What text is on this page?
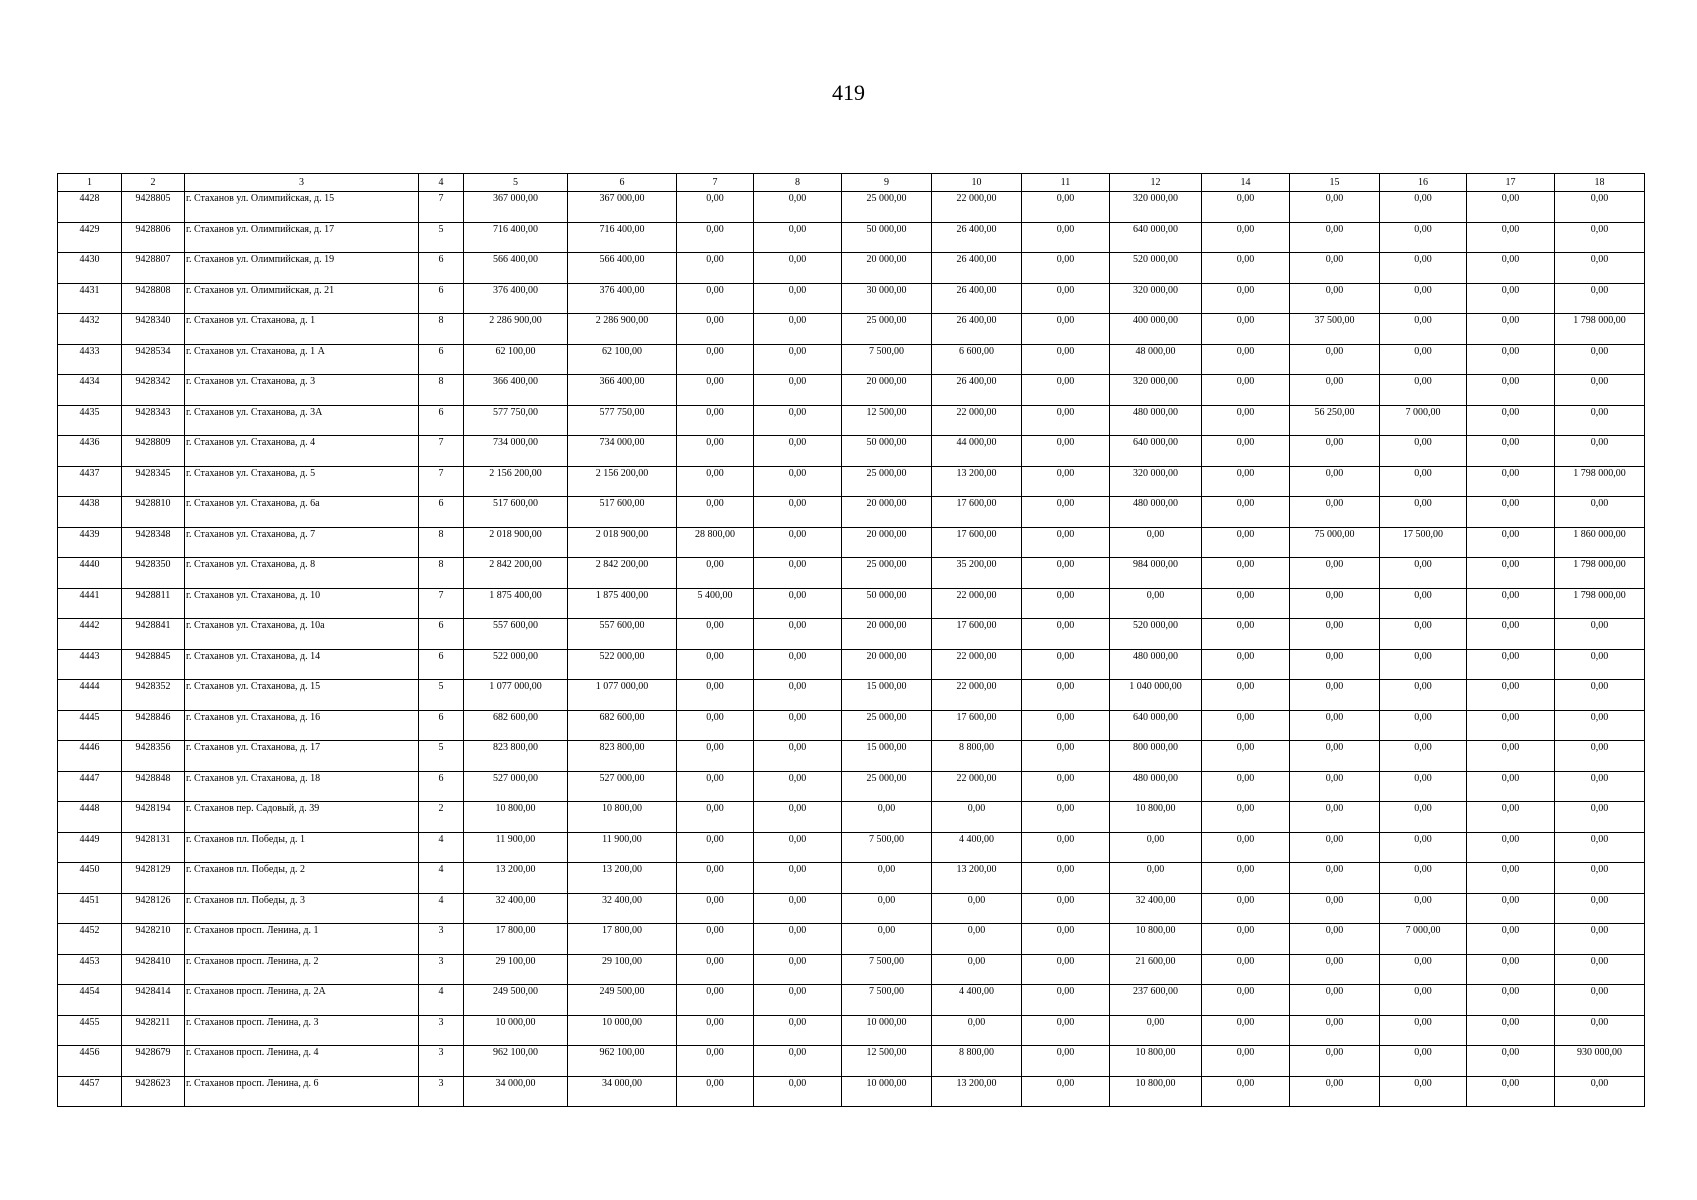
419
1	2	3	4	5	6	7	8	9	10	11	12	14	15	16	17	18
4428	9428805	г. Стаханов ул. Олимпийская, д. 15	7	367 000,00	367 000,00	0,00	0,00	25 000,00	22 000,00	0,00	320 000,00	0,00	0,00	0,00	0,00	0,00
4429	9428806	г. Стаханов ул. Олимпийская, д. 17	5	716 400,00	716 400,00	0,00	0,00	50 000,00	26 400,00	0,00	640 000,00	0,00	0,00	0,00	0,00	0,00
4430	9428807	г. Стаханов ул. Олимпийская, д. 19	6	566 400,00	566 400,00	0,00	0,00	20 000,00	26 400,00	0,00	520 000,00	0,00	0,00	0,00	0,00	0,00
4431	9428808	г. Стаханов ул. Олимпийская, д. 21	6	376 400,00	376 400,00	0,00	0,00	30 000,00	26 400,00	0,00	320 000,00	0,00	0,00	0,00	0,00	0,00
4432	9428340	г. Стаханов ул. Стаханова, д. 1	8	2 286 900,00	2 286 900,00	0,00	0,00	25 000,00	26 400,00	0,00	400 000,00	0,00	37 500,00	0,00	0,00	1 798 000,00
4433	9428534	г. Стаханов ул. Стаханова, д. 1 А	6	62 100,00	62 100,00	0,00	0,00	7 500,00	6 600,00	0,00	48 000,00	0,00	0,00	0,00	0,00	0,00
4434	9428342	г. Стаханов ул. Стаханова, д. 3	8	366 400,00	366 400,00	0,00	0,00	20 000,00	26 400,00	0,00	320 000,00	0,00	0,00	0,00	0,00	0,00
4435	9428343	г. Стаханов ул. Стаханова, д. 3А	6	577 750,00	577 750,00	0,00	0,00	12 500,00	22 000,00	0,00	480 000,00	0,00	56 250,00	7 000,00	0,00	0,00
4436	9428809	г. Стаханов ул. Стаханова, д. 4	7	734 000,00	734 000,00	0,00	0,00	50 000,00	44 000,00	0,00	640 000,00	0,00	0,00	0,00	0,00	0,00
4437	9428345	г. Стаханов ул. Стаханова, д. 5	7	2 156 200,00	2 156 200,00	0,00	0,00	25 000,00	13 200,00	0,00	320 000,00	0,00	0,00	0,00	0,00	1 798 000,00
4438	9428810	г. Стаханов ул. Стаханова, д. 6а	6	517 600,00	517 600,00	0,00	0,00	20 000,00	17 600,00	0,00	480 000,00	0,00	0,00	0,00	0,00	0,00
4439	9428348	г. Стаханов ул. Стаханова, д. 7	8	2 018 900,00	2 018 900,00	28 800,00	0,00	20 000,00	17 600,00	0,00	0,00	0,00	75 000,00	17 500,00	0,00	1 860 000,00
4440	9428350	г. Стаханов ул. Стаханова, д. 8	8	2 842 200,00	2 842 200,00	0,00	0,00	25 000,00	35 200,00	0,00	984 000,00	0,00	0,00	0,00	0,00	1 798 000,00
4441	9428811	г. Стаханов ул. Стаханова, д. 10	7	1 875 400,00	1 875 400,00	5 400,00	0,00	50 000,00	22 000,00	0,00	0,00	0,00	0,00	0,00	0,00	1 798 000,00
4442	9428841	г. Стаханов ул. Стаханова, д. 10а	6	557 600,00	557 600,00	0,00	0,00	20 000,00	17 600,00	0,00	520 000,00	0,00	0,00	0,00	0,00	0,00
4443	9428845	г. Стаханов ул. Стаханова, д. 14	6	522 000,00	522 000,00	0,00	0,00	20 000,00	22 000,00	0,00	480 000,00	0,00	0,00	0,00	0,00	0,00
4444	9428352	г. Стаханов ул. Стаханова, д. 15	5	1 077 000,00	1 077 000,00	0,00	0,00	15 000,00	22 000,00	0,00	1 040 000,00	0,00	0,00	0,00	0,00	0,00
4445	9428846	г. Стаханов ул. Стаханова, д. 16	6	682 600,00	682 600,00	0,00	0,00	25 000,00	17 600,00	0,00	640 000,00	0,00	0,00	0,00	0,00	0,00
4446	9428356	г. Стаханов ул. Стаханова, д. 17	5	823 800,00	823 800,00	0,00	0,00	15 000,00	8 800,00	0,00	800 000,00	0,00	0,00	0,00	0,00	0,00
4447	9428848	г. Стаханов ул. Стаханова, д. 18	6	527 000,00	527 000,00	0,00	0,00	25 000,00	22 000,00	0,00	480 000,00	0,00	0,00	0,00	0,00	0,00
4448	9428194	г. Стаханов пер. Садовый, д. 39	2	10 800,00	10 800,00	0,00	0,00	0,00	0,00	0,00	10 800,00	0,00	0,00	0,00	0,00	0,00
4449	9428131	г. Стаханов пл. Победы, д. 1	4	11 900,00	11 900,00	0,00	0,00	7 500,00	4 400,00	0,00	0,00	0,00	0,00	0,00	0,00	0,00
4450	9428129	г. Стаханов пл. Победы, д. 2	4	13 200,00	13 200,00	0,00	0,00	0,00	13 200,00	0,00	0,00	0,00	0,00	0,00	0,00	0,00
4451	9428126	г. Стаханов пл. Победы, д. 3	4	32 400,00	32 400,00	0,00	0,00	0,00	0,00	0,00	32 400,00	0,00	0,00	0,00	0,00	0,00
4452	9428210	г. Стаханов просп. Ленина, д. 1	3	17 800,00	17 800,00	0,00	0,00	0,00	0,00	0,00	10 800,00	0,00	0,00	7 000,00	0,00	0,00
4453	9428410	г. Стаханов просп. Ленина, д. 2	3	29 100,00	29 100,00	0,00	0,00	7 500,00	0,00	0,00	21 600,00	0,00	0,00	0,00	0,00	0,00
4454	9428414	г. Стаханов просп. Ленина, д. 2А	4	249 500,00	249 500,00	0,00	0,00	7 500,00	4 400,00	0,00	237 600,00	0,00	0,00	0,00	0,00	0,00
4455	9428211	г. Стаханов просп. Ленина, д. 3	3	10 000,00	10 000,00	0,00	0,00	10 000,00	0,00	0,00	0,00	0,00	0,00	0,00	0,00	0,00
4456	9428679	г. Стаханов просп. Ленина, д. 4	3	962 100,00	962 100,00	0,00	0,00	12 500,00	8 800,00	0,00	10 800,00	0,00	0,00	0,00	0,00	930 000,00
4457	9428623	г. Стаханов просп. Ленина, д. 6	3	34 000,00	34 000,00	0,00	0,00	10 000,00	13 200,00	0,00	10 800,00	0,00	0,00	0,00	0,00	0,00
